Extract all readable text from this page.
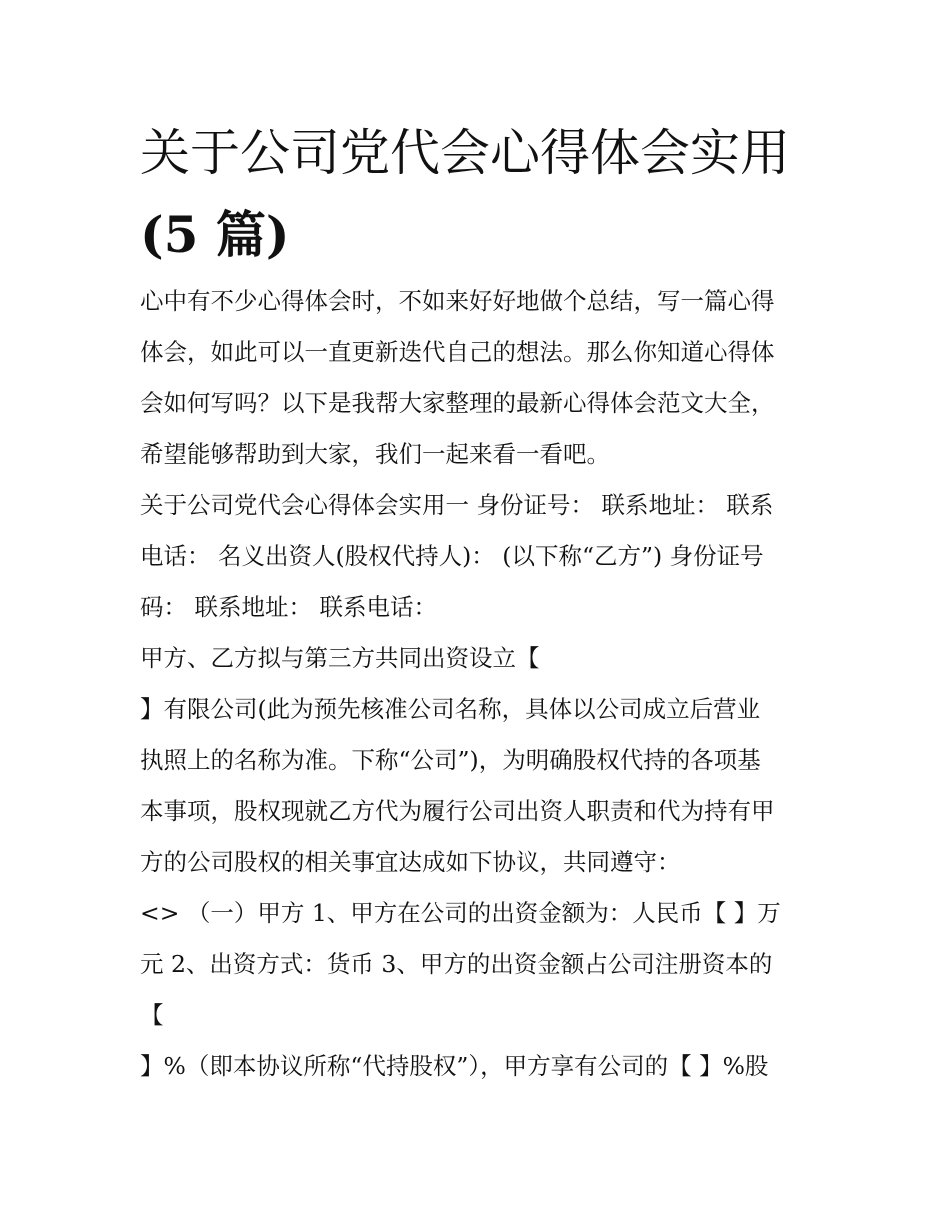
关于公司党代会心得体会实用
(5 篇)
心中有不少心得体会时，不如来好好地做个总结，写一篇心得
体会，如此可以一直更新迭代自己的想法。那么你知道心得体
会如何写吗？以下是我帮大家整理的最新心得体会范文大全，
希望能够帮助到大家，我们一起来看一看吧。
关于公司党代会心得体会实用一 身份证号： 联系地址： 联系
电话： 名义出资人(股权代持人)： (以下称“乙方”) 身份证号
码： 联系地址： 联系电话：
甲方、乙方拟与第三方共同出资设立【
】有限公司(此为预先核准公司名称，具体以公司成立后营业
执照上的名称为准。下称“公司”)，为明确股权代持的各项基
本事项，股权现就乙方代为履行公司出资人职责和代为持有甲
方的公司股权的相关事宜达成如下协议，共同遵守：
<> （一）甲方 1、甲方在公司的出资金额为：人民币【 】万
元 2、出资方式：货币 3、甲方的出资金额占公司注册资本的
【
】%（即本协议所称“代持股权”），甲方享有公司的【 】%股
